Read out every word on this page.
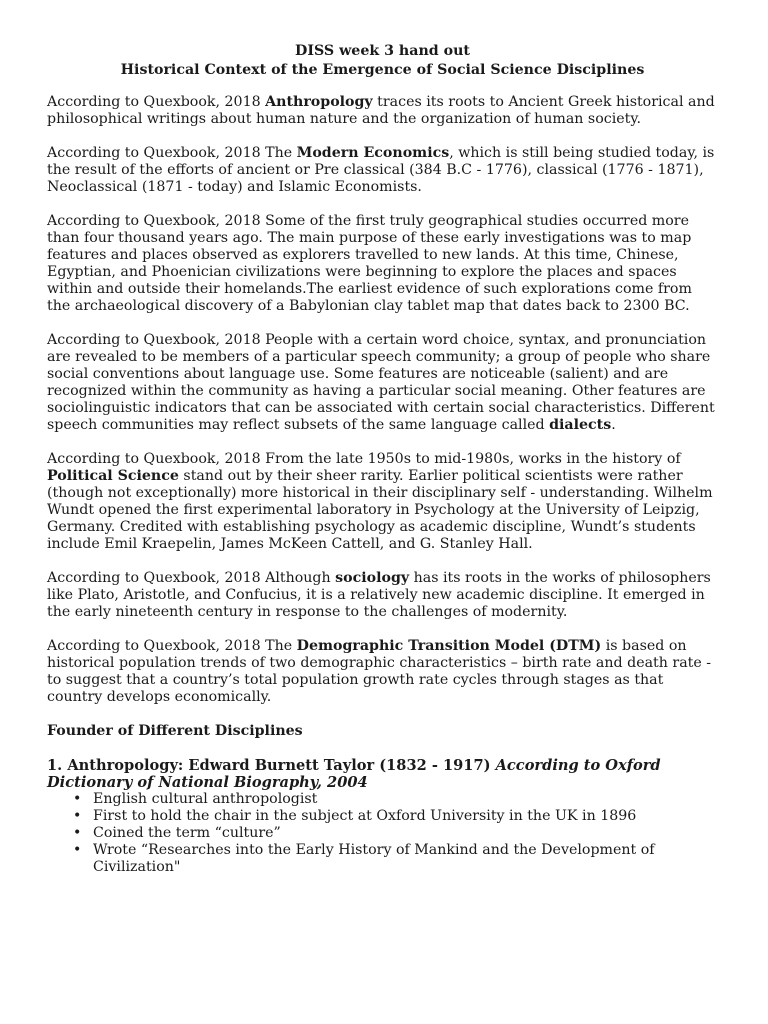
DISS week 3 hand out
Historical Context of the Emergence of Social Science Disciplines

According to Quexbook, 2018 Anthropology traces its roots to Ancient Greek historical and philosophical writings about human nature and the organization of human society.

According to Quexbook, 2018 The Modern Economics, which is still being studied today, is the result of the efforts of ancient or Pre classical (384 B.C - 1776), classical (1776 - 1871), Neoclassical (1871 - today) and Islamic Economists.

According to Quexbook, 2018 Some of the first truly geographical studies occurred more than four thousand years ago. The main purpose of these early investigations was to map features and places observed as explorers travelled to new lands. At this time, Chinese, Egyptian, and Phoenician civilizations were beginning to explore the places and spaces within and outside their homelands.The earliest evidence of such explorations come from the archaeological discovery of a Babylonian clay tablet map that dates back to 2300 BC.

According to Quexbook, 2018 People with a certain word choice, syntax, and pronunciation are revealed to be members of a particular speech community; a group of people who share social conventions about language use. Some features are noticeable (salient) and are recognized within the community as having a particular social meaning. Other features are sociolinguistic indicators that can be associated with certain social characteristics. Different speech communities may reflect subsets of the same language called dialects.

According to Quexbook, 2018 From the late 1950s to mid-1980s, works in the history of Political Science stand out by their sheer rarity. Earlier political scientists were rather (though not exceptionally) more historical in their disciplinary self - understanding. Wilhelm Wundt opened the first experimental laboratory in Psychology at the University of Leipzig, Germany. Credited with establishing psychology as academic discipline, Wundt’s students include Emil Kraepelin, James McKeen Cattell, and G. Stanley Hall.

According to Quexbook, 2018 Although sociology has its roots in the works of philosophers like Plato, Aristotle, and Confucius, it is a relatively new academic discipline. It emerged in the early nineteenth century in response to the challenges of modernity.

According to Quexbook, 2018 The Demographic Transition Model (DTM) is based on historical population trends of two demographic characteristics – birth rate and death rate - to suggest that a country’s total population growth rate cycles through stages as that country develops economically.

Founder of Different Disciplines
1. Anthropology: Edward Burnett Taylor (1832 - 1917) According to Oxford Dictionary of National Biography, 2004
• English cultural anthropologist
• First to hold the chair in the subject at Oxford University in the UK in 1896
• Coined the term “culture”
• Wrote “Researches into the Early History of Mankind and the Development of Civilization"
